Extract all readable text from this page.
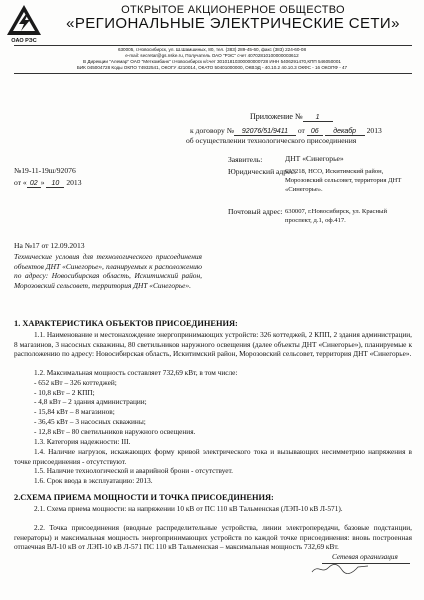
ОАО РЭС
ОТКРЫТОЕ АКЦИОНЕРНОЕ ОБЩЕСТВО
«РЕГИОНАЛЬНЫЕ ЭЛЕКТРИЧЕСКИЕ СЕТИ»
630005, г.Новосибирск, ул. Ш.Шамшиных, 80, тел. (383) 289-45-60, факс (383) 224-60-08
e-mail: secretar@gs.nske.ru, Получатель ОАО "РЭС" счет 40702810100000003612
В Дирекции "Алемар" ОАО "Меткомбанк" г.Новосибирск к/счет 30101810300000000728 ИНН 5406291470,КПП 546050001
БИК 045004728 Коды ОКПО 74932541, ОКОГУ 4210014, ОКАТО 50401000000, ОКВЭД - 40.10.2 40.10.3 ОКФС - 16 ОКОПФ - 47
Приложение № 1
к договору № 92076/51/9411 от 06 декабр 2013
об осуществлении технологического присоединения
№19-11-19ш/92076
от « 02 » 10 2013
Заявитель:	ДНТ «Синегорье»
Юридический адрес:
633218, НСО, Искитимский район, Морозовский сельсовет, территория ДНТ «Синегорье».
Почтовый адрес: 630007, г.Новосибирск, ул. Красный проспект, д.1, оф.417.
На №17 от 12.09.2013
Технические условия для технологического присоединения объектов ДНТ «Синегорье», планируемых к расположению по адресу: Новосибирская область, Искитимский район, Морозовский сельсовет, территория ДНТ «Синегорье».
1. ХАРАКТЕРИСТИКА ОБЪЕКТОВ ПРИСОЕДИНЕНИЯ:
1.1. Наименование и местонахождение энергопринимающих устройств: 326 коттеджей, 2 КПП, 2 здания администрации, 8 магазинов, 3 насосных скважины, 80 светильников наружного освещения (далее объекты ДНТ «Синегорье»), планируемые к расположению по адресу: Новосибирская область, Искитимский район, Морозовский сельсовет, территория ДНТ «Синегорье».
1.2. Максимальная мощность составляет 732,69 кВт, в том числе:
- 652 кВт – 326 коттеджей;
- 10,8 кВт – 2 КПП;
- 4,8 кВт – 2 здания администрации;
- 15,84 кВт – 8 магазинов;
- 36,45 кВт – 3 насосных скважины;
- 12,8 кВт – 80 светильников наружного освещения.
1.3. Категория надежности: III.
1.4. Наличие нагрузок, искажающих форму кривой электрического тока и вызывающих несимметрию напряжения в точке присоединения - отсутствуют.
1.5. Наличие технологической и аварийной брони - отсутствует.
1.6. Срок ввода в эксплуатацию: 2013.
2.СХЕМА ПРИЕМА МОЩНОСТИ И ТОЧКА ПРИСОЕДИНЕНИЯ:
2.1. Схема приема мощности: на напряжении 10 кВ от ПС 110 кВ Тальменская (ЛЭП-10 кВ Л-571).
2.2. Точка присоединения (вводные распределительные устройства, линии электропередачи, базовые подстанции, генераторы) и максимальная мощность энергопринимающих устройств по каждой точке присоединения: вновь построенная отпаечная ВЛ-10 кВ от ЛЭП-10 кВ Л-571 ПС 110 кВ Тальменская – максимальная мощность 732,69 кВт.
Сетевая организация
